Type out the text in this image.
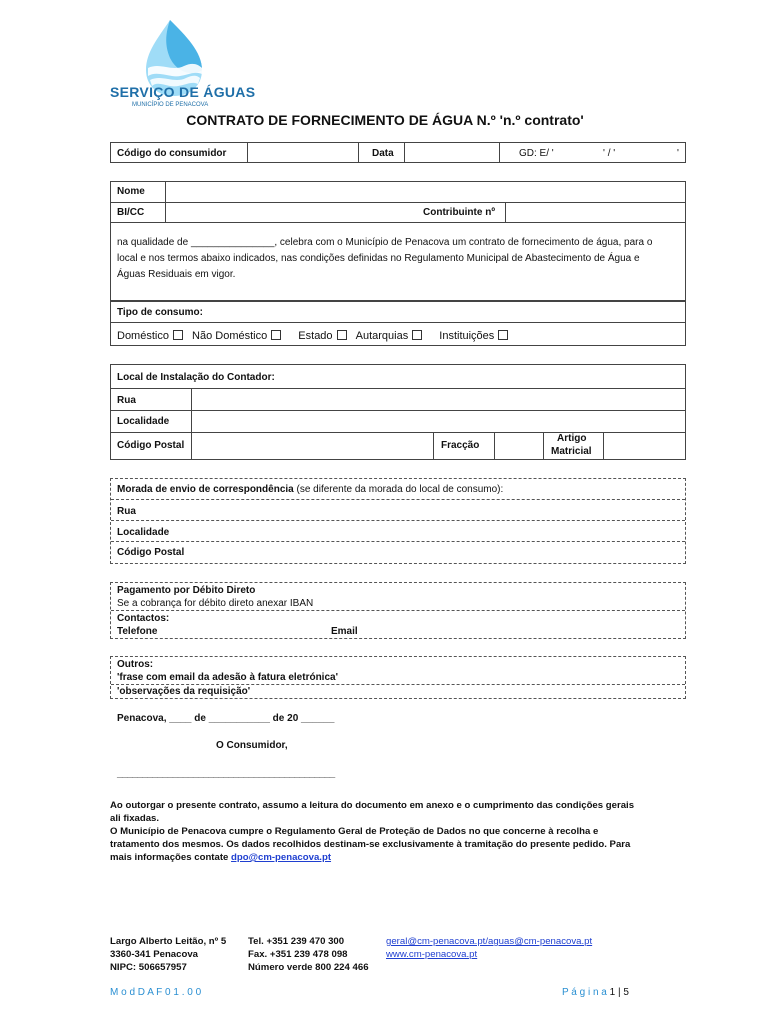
SERVIÇO DE ÁGUAS
MUNICÍPIO DE PENACOVA
CONTRATO DE FORNECIMENTO DE ÁGUA N.º 'n.º contrato'
Código do consumidor	Data	GD: E/ '	' / '	'
Nome
BI/CC	Contribuinte nº
na qualidade de _______________, celebra com o Município de Penacova um contrato de fornecimento de água, para o
local e nos termos abaixo indicados, nas condições definidas no Regulamento Municipal de Abastecimento de Água e
Águas Residuais em vigor.
Tipo de consumo:
Doméstico Não Doméstico	Estado Autarquias	Instituições
Local de Instalação do Contador:
Rua
Localidade
Código Postal	Fracção
Artigo
Matricial
Morada de envio de correspondência (se diferente da morada do local de consumo):
Rua
Localidade
Código Postal
Pagamento por Débito Direto
Se a cobrança for débito direto anexar IBAN
Contactos:
Telefone	Email
Outros:
'frase com email da adesão à fatura eletrónica'
'observações da requisição'
Penacova, ____ de ___________ de 20 ______
O Consumidor,
___________________________________________
Ao outorgar o presente contrato, assumo a leitura do documento em anexo e o cumprimento das condições gerais
ali fixadas.
O Município de Penacova cumpre o Regulamento Geral de Proteção de Dados no que concerne à recolha e
tratamento dos mesmos. Os dados recolhidos destinam-se exclusivamente à tramitação do presente pedido. Para
mais informações contate dpo@cm-penacova.pt
Largo Alberto Leitão, nº 5
3360-341 Penacova
NIPC: 506657957
Tel. +351 239 470 300
Fax. +351 239 478 098
Número verde 800 224 466
geral@cm-penacova.pt/aguas@cm-penacova.pt
www.cm-penacova.pt
M o d D A F 0 1 . 0 0	P á g i n a 1 | 5
